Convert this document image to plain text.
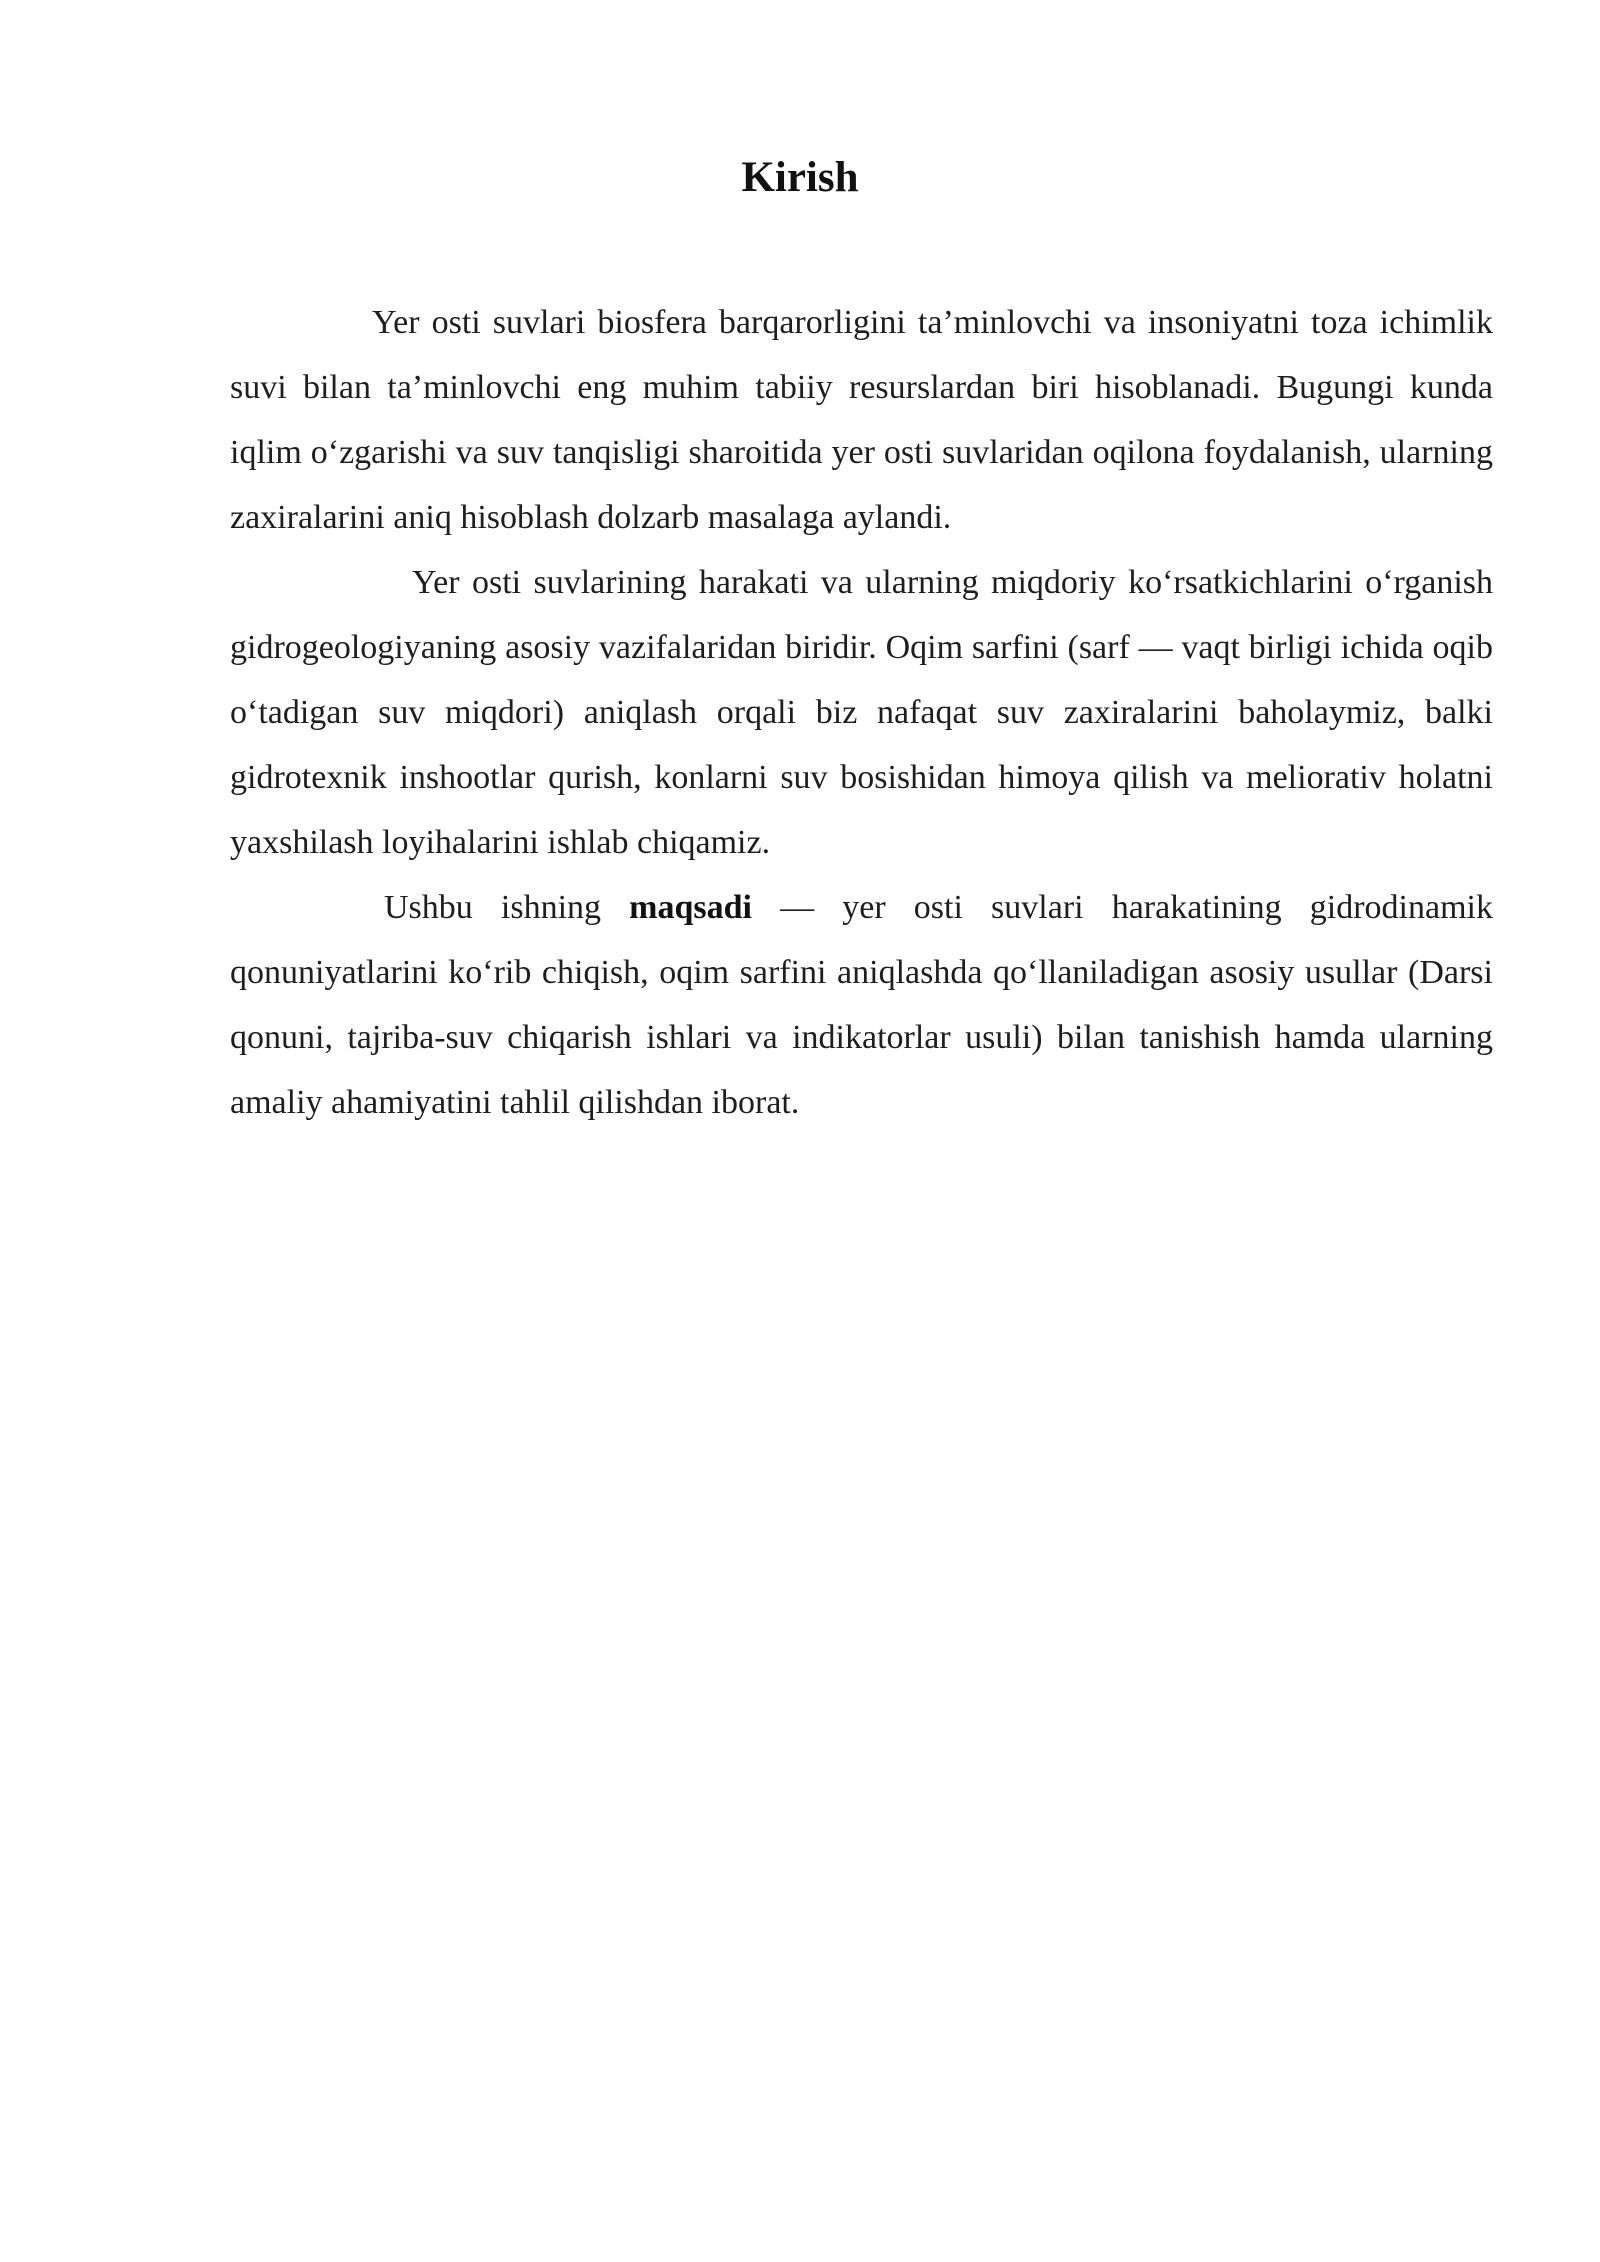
Kirish

Yer osti suvlari biosfera barqarorligini ta’minlovchi va insoniyatni toza ichimlik suvi bilan ta’minlovchi eng muhim tabiiy resurslardan biri hisoblanadi. Bugungi kunda iqlim o‘zgarishi va suv tanqisligi sharoitida yer osti suvlaridan oqilona foydalanish, ularning zaxiralarini aniq hisoblash dolzarb masalaga aylandi.

Yer osti suvlarining harakati va ularning miqdoriy ko‘rsatkichlarini o‘rganish gidrogeologiyaning asosiy vazifalaridan biridir. Oqim sarfini (sarf — vaqt birligi ichida oqib o‘tadigan suv miqdori) aniqlash orqali biz nafaqat suv zaxiralarini baholaymiz, balki gidrotexnik inshootlar qurish, konlarni suv bosishidan himoya qilish va meliorativ holatni yaxshilash loyihalarini ishlab chiqamiz.

Ushbu ishning maqsadi — yer osti suvlari harakatining gidrodinamik qonuniyatlarini ko‘rib chiqish, oqim sarfini aniqlashda qo‘llaniladigan asosiy usullar (Darsi qonuni, tajriba-suv chiqarish ishlari va indikatorlar usuli) bilan tanishish hamda ularning amaliy ahamiyatini tahlil qilishdan iborat.
